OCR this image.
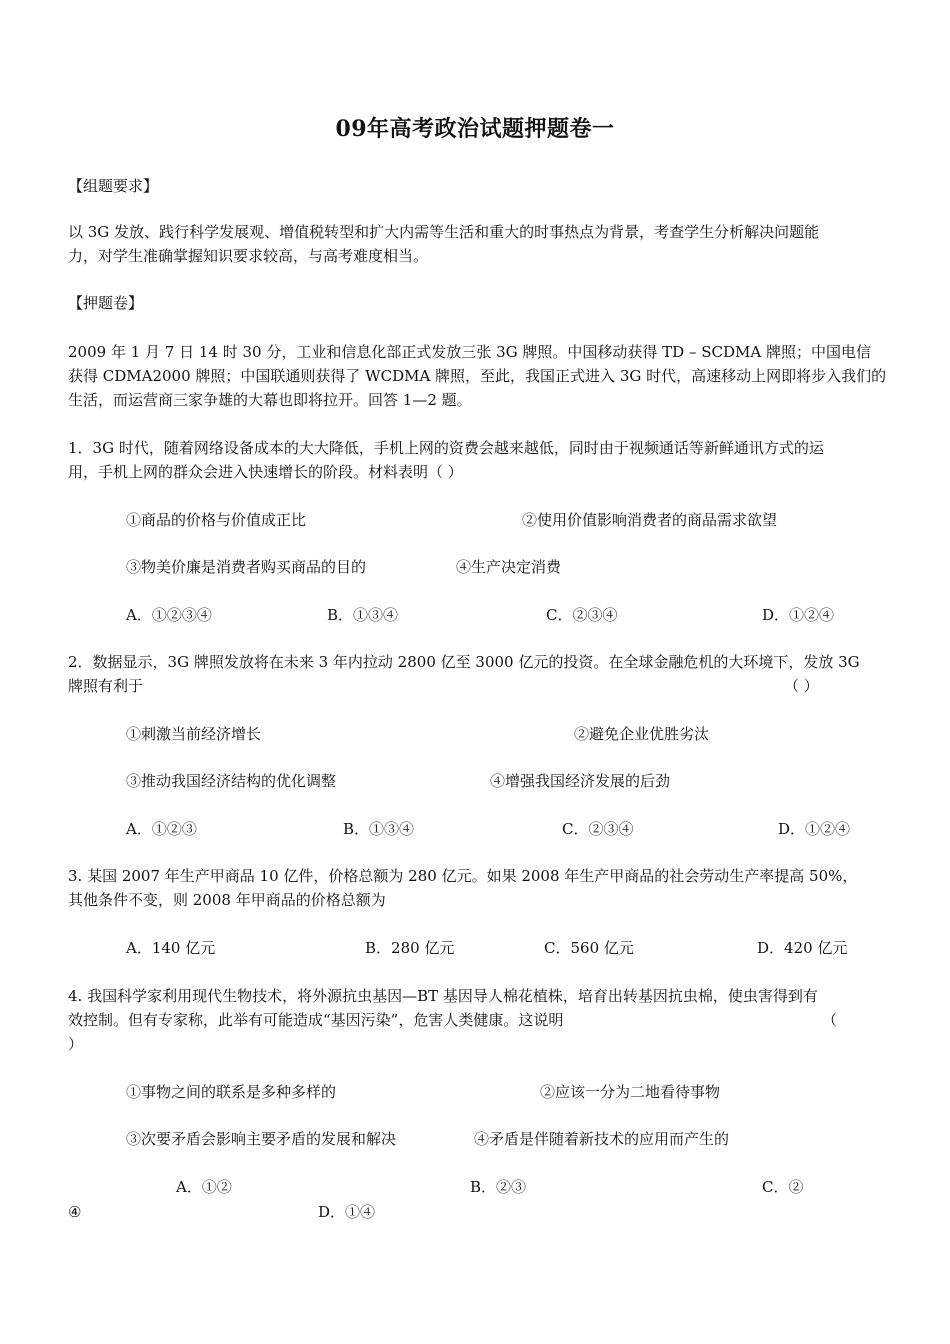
09年高考政治试题押题卷一
【组题要求】
以 3G 发放、践行科学发展观、增值税转型和扩大内需等生活和重大的时事热点为背景，考查学生分析解决问题能
力，对学生准确掌握知识要求较高，与高考难度相当。
【押题卷】
2009 年 1 月 7 日 14 时 30 分，工业和信息化部正式发放三张 3G 牌照。中国移动获得 TD – SCDMA 牌照；中国电信
获得 CDMA2000 牌照；中国联通则获得了 WCDMA 牌照，至此，我国正式进入 3G 时代，高速移动上网即将步入我们的
生活，而运营商三家争雄的大幕也即将拉开。回答 1—2 题。
1．3G 时代，随着网络设备成本的大大降低，手机上网的资费会越来越低，同时由于视频通话等新鲜通讯方式的运
用，手机上网的群众会进入快速增长的阶段。材料表明（ ）
①商品的价格与价值成正比	②使用价值影响消费者的商品需求欲望
③物美价廉是消费者购买商品的目的	④生产决定消费
A．①②③④	B．①③④	C．②③④	D．①②④
2．数据显示，3G 牌照发放将在未来 3 年内拉动 2800 亿至 3000 亿元的投资。在全球金融危机的大环境下，发放 3G
牌照有利于	（ ）
①刺激当前经济增长	②避免企业优胜劣汰
③推动我国经济结构的优化调整	④增强我国经济发展的后劲
A．①②③	B．①③④	C．②③④	D．①②④
3. 某国 2007 年生产甲商品 10 亿件，价格总额为 280 亿元。如果 2008 年生产甲商品的社会劳动生产率提高 50%，
其他条件不变，则 2008 年甲商品的价格总额为
A．140 亿元	B．280 亿元	C．560 亿元	D．420 亿元
4. 我国科学家利用现代生物技术，将外源抗虫基因—BT 基因导人棉花植株，培育出转基因抗虫棉，使虫害得到有
效控制。但有专家称，此举有可能造成“基因污染”，危害人类健康。这说明	（
）
①事物之间的联系是多种多样的	②应该一分为二地看待事物
③次要矛盾会影响主要矛盾的发展和解决	④矛盾是伴随着新技术的应用而产生的
A．①②	B．②③	C．②
④	D．①④
